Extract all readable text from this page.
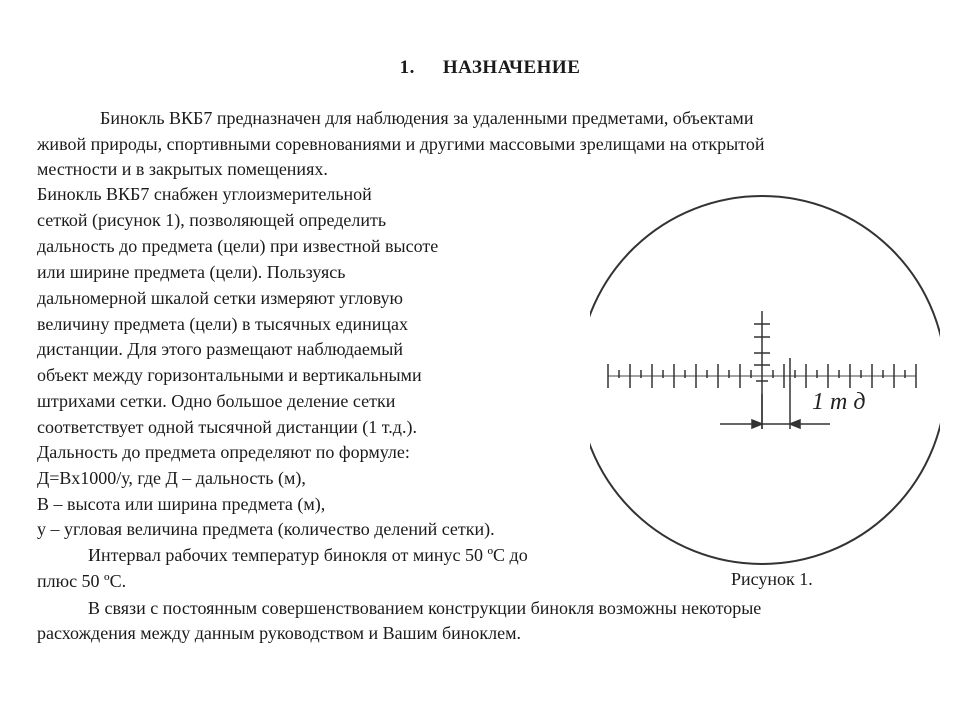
1. НАЗНАЧЕНИЕ
Бинокль ВКБ7 предназначен для наблюдения за удаленными предметами, объектами
живой природы, спортивными соревнованиями и другими массовыми зрелищами на открытой
местности и в закрытых помещениях.
Бинокль ВКБ7 снабжен углоизмерительной
сеткой (рисунок 1), позволяющей определить
дальность до предмета (цели) при известной высоте
или ширине предмета (цели). Пользуясь
дальномерной шкалой сетки измеряют угловую
величину предмета (цели) в тысячных единицах
дистанции. Для этого размещают наблюдаемый
объект между горизонтальными и вертикальными
штрихами сетки. Одно большое деление сетки
соответствует одной тысячной дистанции (1 т.д.).
Дальность до предмета определяют по формуле:
Д=Вх1000/у, где Д – дальность (м),
В – высота или ширина предмета (м),
у – угловая величина предмета (количество делений сетки).
Интервал рабочих температур бинокля от минус 50 ºС до
плюс 50 ºС.
В связи с постоянным совершенствованием конструкции бинокля возможны некоторые
расхождения между данным руководством и Вашим биноклем.
1 т д
Рисунок 1.
